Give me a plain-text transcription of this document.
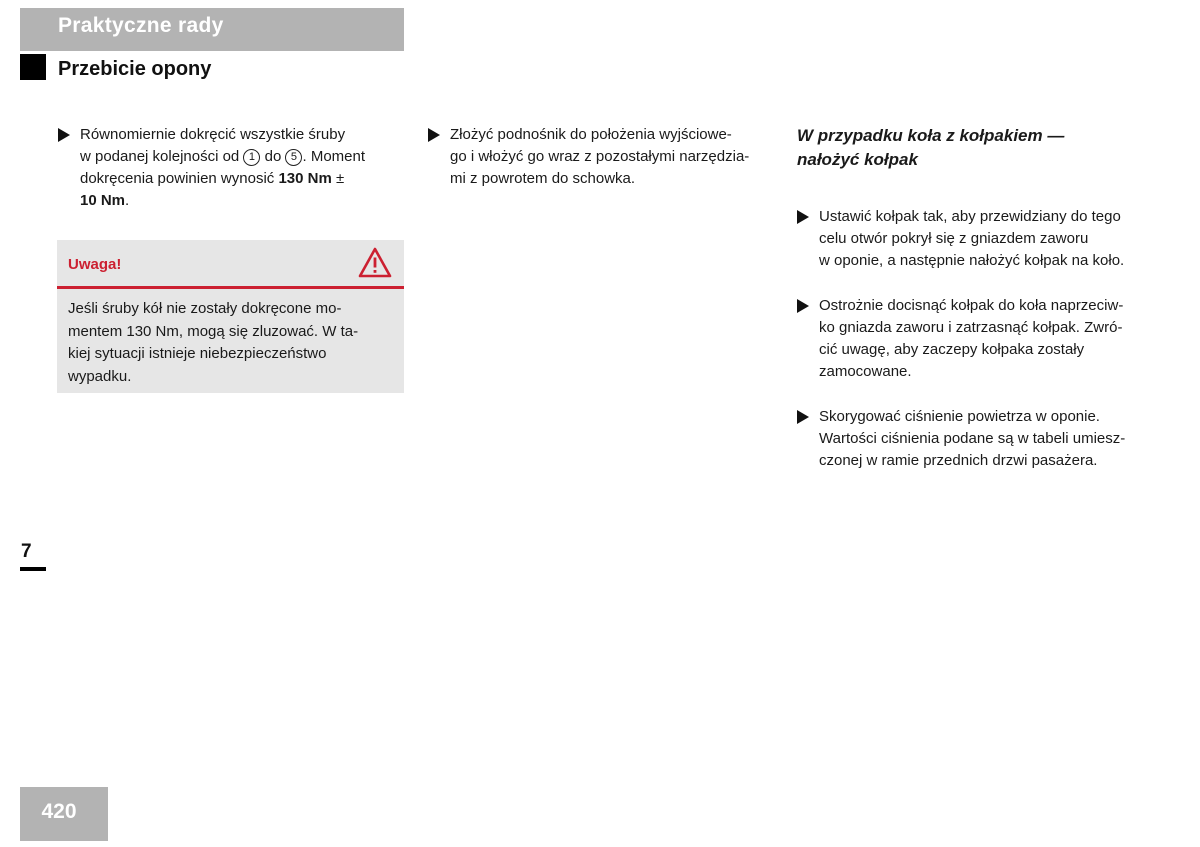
Praktyczne rady
Przebicie opony
Równomiernie dokręcić wszystkie śruby
w podanej kolejności od 1 do 5 . Moment
dokręcenia powinien wynosić 130 Nm ±
10 Nm.
Uwaga!
Jeśli śruby kół nie zostały dokręcone mo-
mentem 130 Nm, mogą się zluzować. W ta-
kiej sytuacji istnieje niebezpieczeństwo
wypadku.
Złożyć podnośnik do położenia wyjściowe-
go i włożyć go wraz z pozostałymi narzędzia-
mi z powrotem do schowka.
W przypadku koła z kołpakiem —
nałożyć kołpak
Ustawić kołpak tak, aby przewidziany do tego
celu otwór pokrył się z gniazdem zaworu
w oponie, a następnie nałożyć kołpak na koło.
Ostrożnie docisnąć kołpak do koła naprzeciw-
ko gniazda zaworu i zatrzasnąć kołpak. Zwró-
cić uwagę, aby zaczepy kołpaka zostały
zamocowane.
Skorygować ciśnienie powietrza w oponie.
Wartości ciśnienia podane są w tabeli umiesz-
czonej w ramie przednich drzwi pasażera.
7
420
